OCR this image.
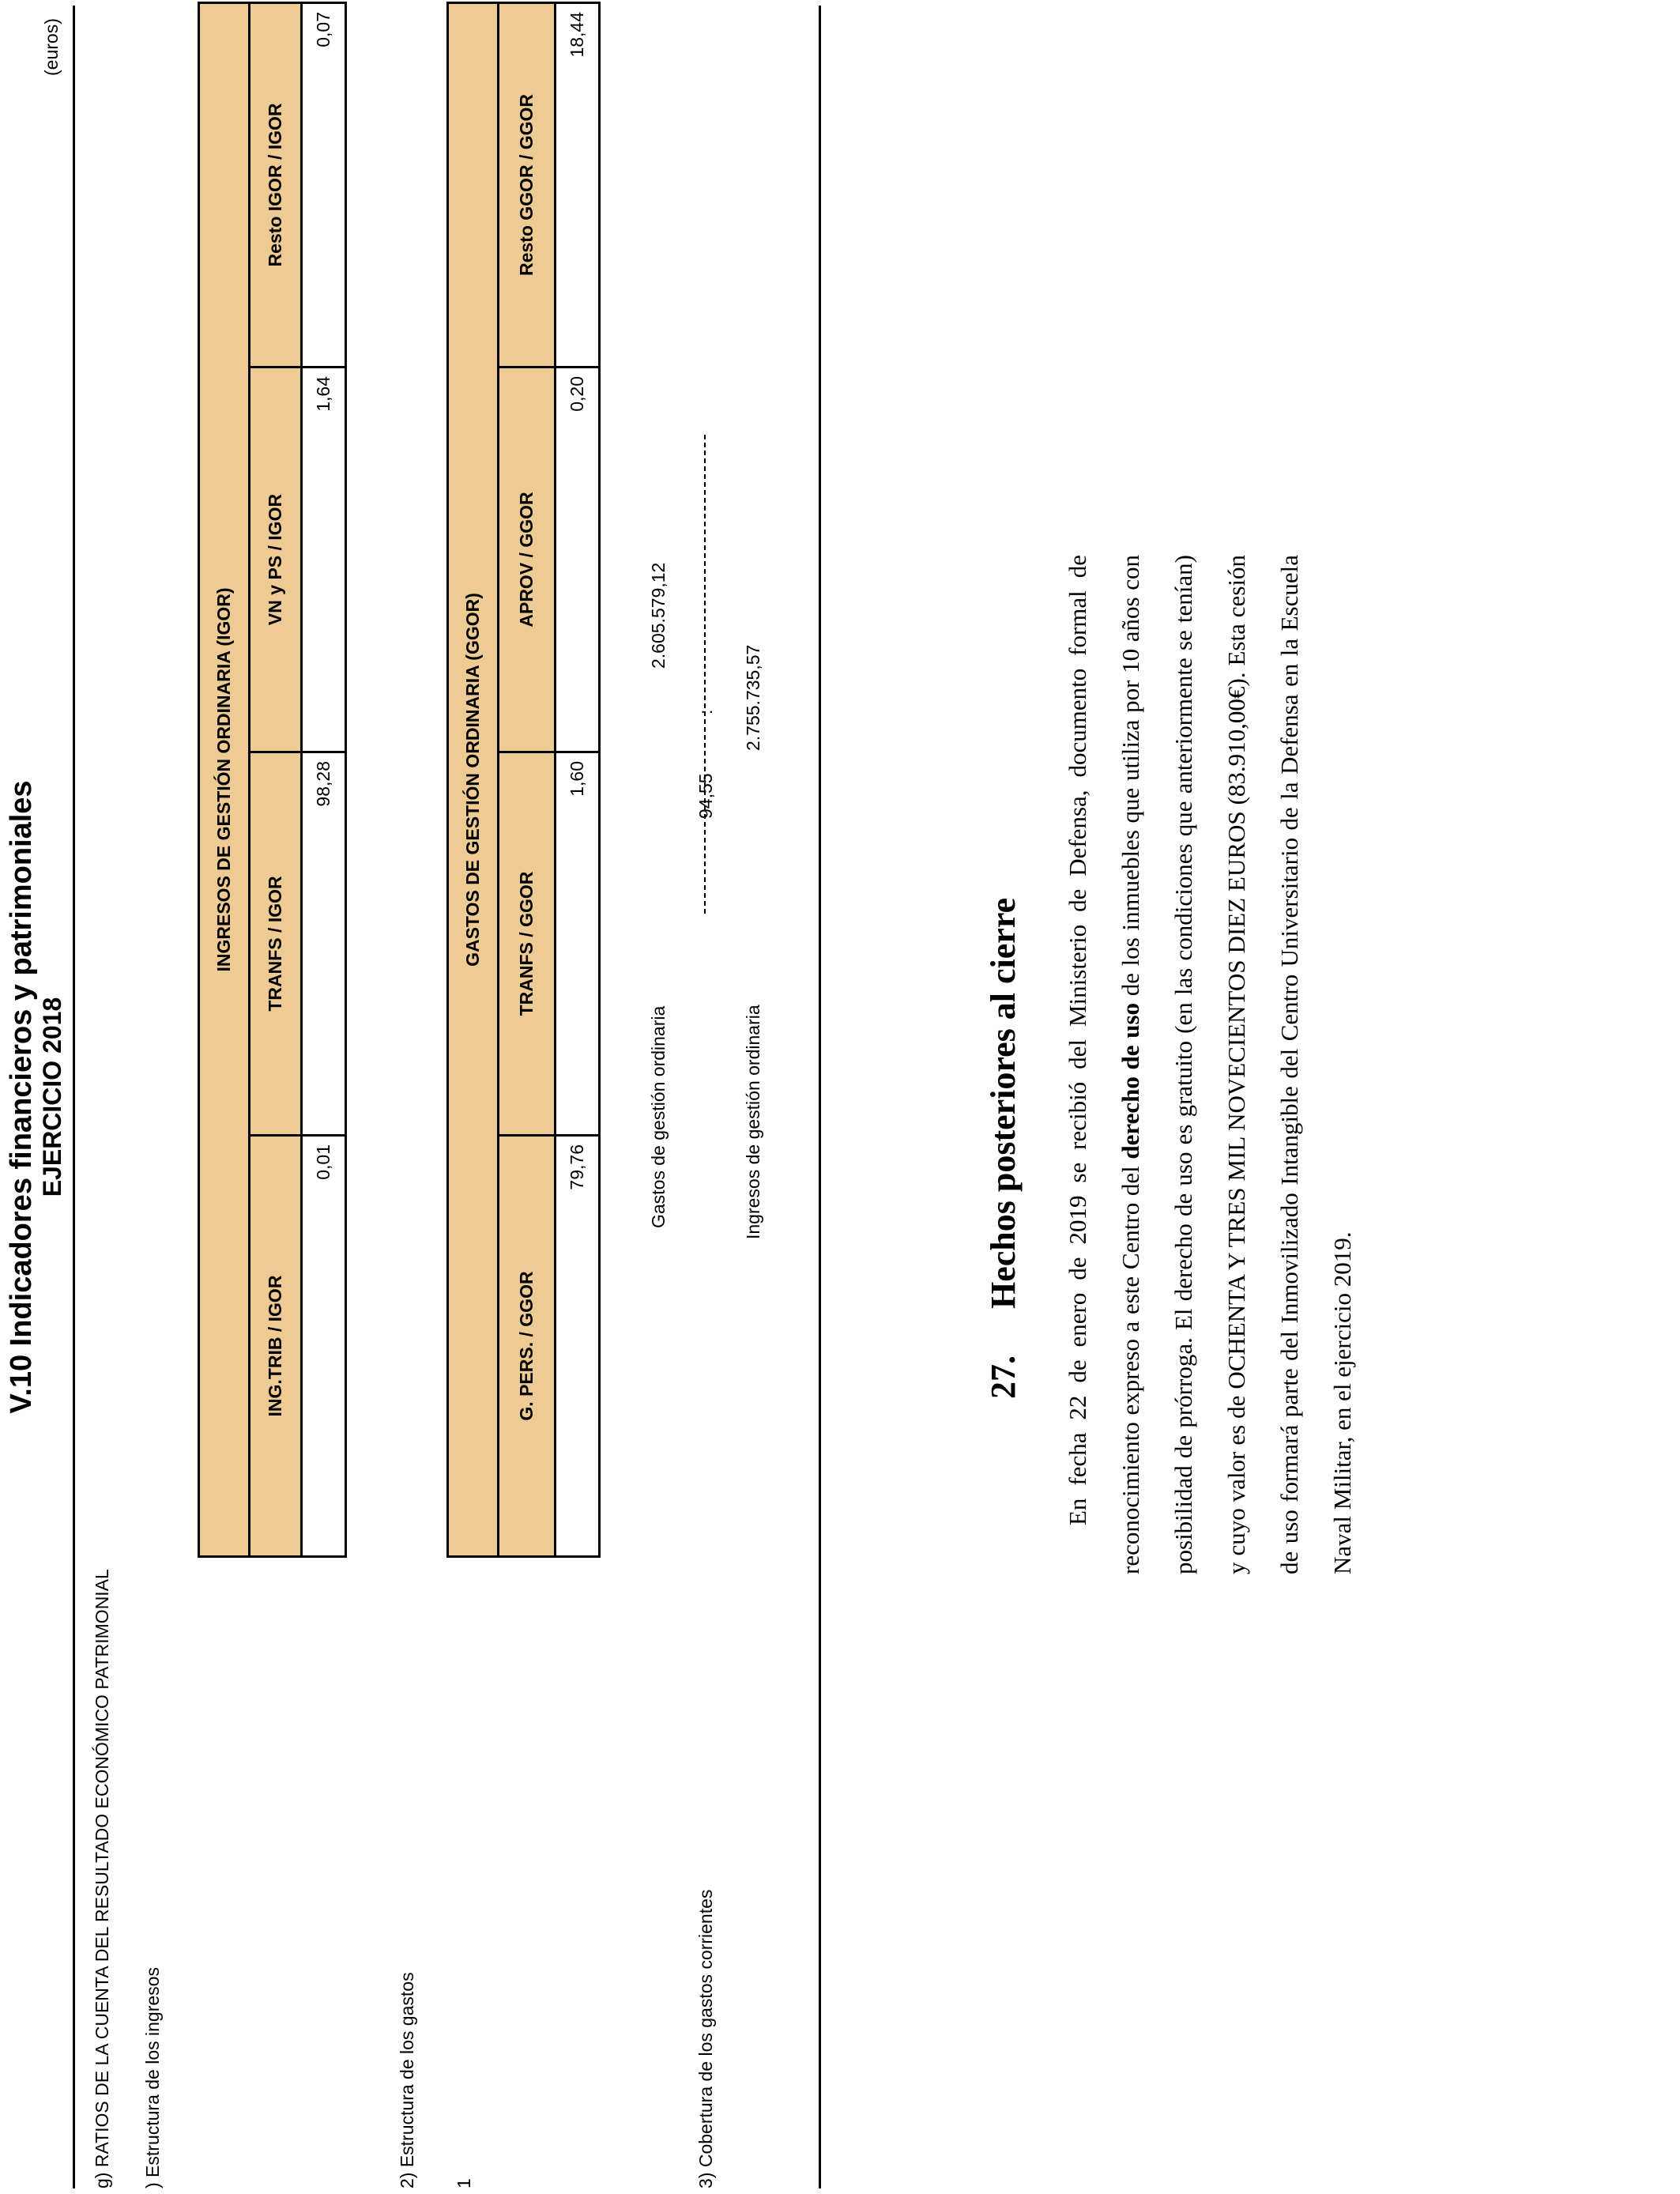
V.10 Indicadores financieros y patrimoniales EJERCICIO 2018
(euros)
g) RATIOS DE LA CUENTA DEL RESULTADO ECONÓMICO PATRIMONIAL ) Estructura de los ingresos
INGRESOS DE GESTIÓN ORDINARIA (IGOR)			
ING.TRIB / IGOR	TRANFS / IGOR	VN y PS / IGOR	Resto IGOR / IGOR
0,01	98,28	1,64	0,07
2) Estructura de los gastos 1
GASTOS DE GESTIÓN ORDINARIA (GGOR)			
G. PERS. / GGOR	TRANFS / GGOR	APROV / GGOR	Resto GGOR / GGOR
79,76	1,60	0,20	18,44
3) Cobertura de los gastos corrientes
Gastos de gestión ordinaria
2.605.579,12
94,55
:
Ingresos de gestión ordinaria
2.755.735,57
27.
Hechos posteriores al cierre	En fecha 22 de enero de 2019 se recibió del Ministerio de Defensa, documento formal de reconocimiento expreso a este Centro del derecho de uso de los inmuebles que utiliza por 10 años con posibilidad de prórroga. El derecho de uso es gratuito (en las condiciones que anteriormente se tenían) y cuyo valor es de OCHENTA Y TRES MIL NOVECIENTOS DIEZ EUROS (83.910,00€). Esta cesión de uso formará parte del Inmovilizado Intangible del Centro Universitario de la Defensa en la Escuela Naval Militar, en el ejercicio 2019.
